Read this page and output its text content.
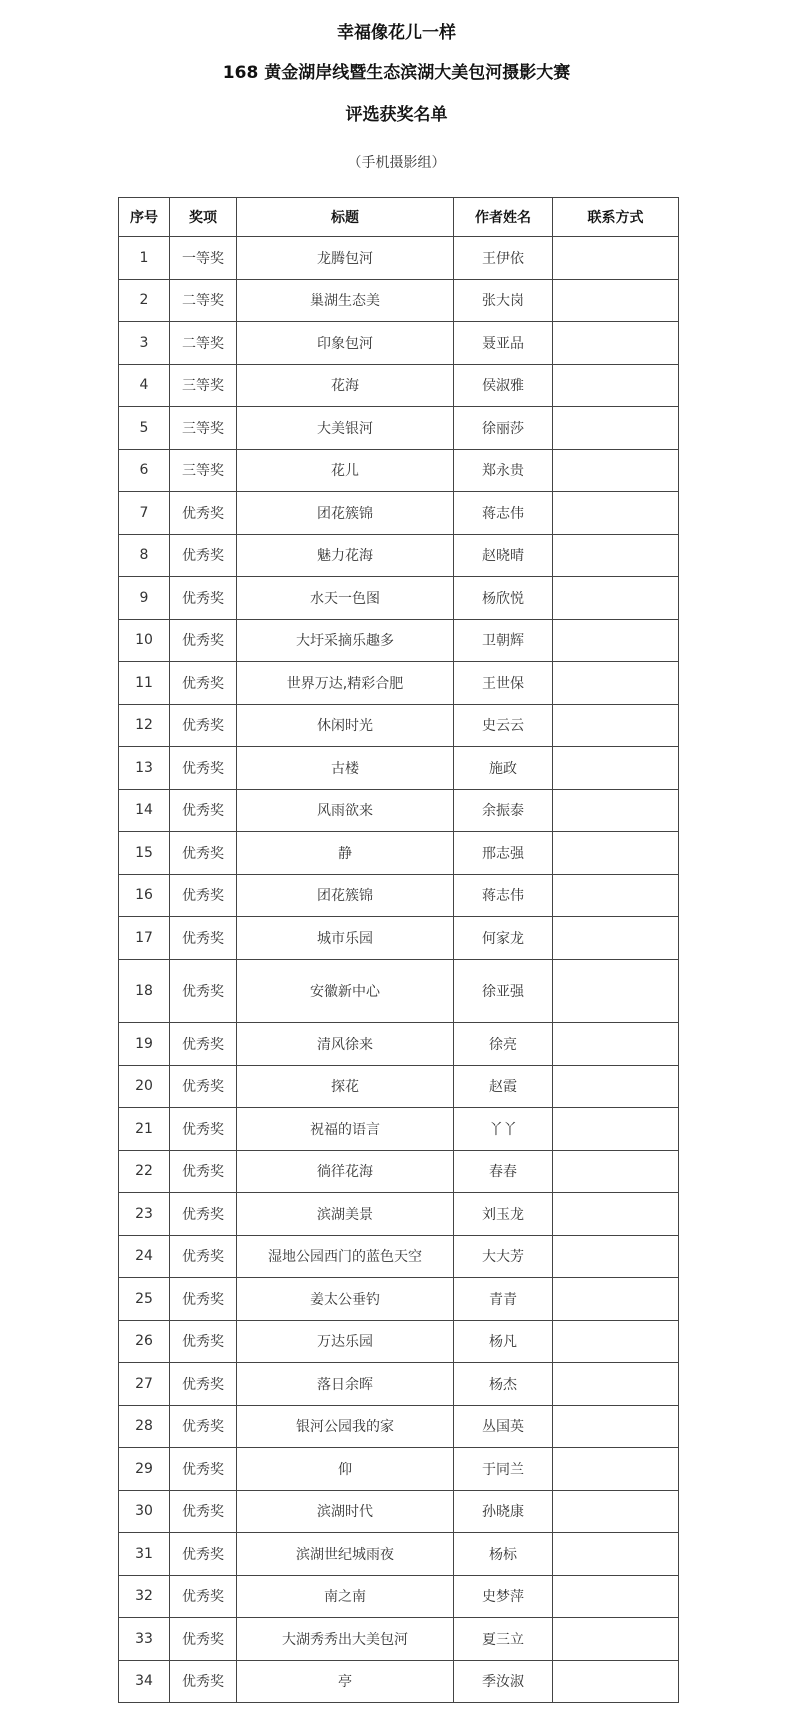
幸福像花儿一样
168 黄金湖岸线暨生态滨湖大美包河摄影大赛
评选获奖名单
（手机摄影组）
序号	奖项	标题	作者姓名	联系方式
1	一等奖	龙腾包河	王伊依	
2	二等奖	巢湖生态美	张大岗	
3	二等奖	印象包河	聂亚品	
4	三等奖	花海	侯淑雅	
5	三等奖	大美银河	徐丽莎	
6	三等奖	花儿	郑永贵	
7	优秀奖	团花簇锦	蒋志伟	
8	优秀奖	魅力花海	赵晓晴	
9	优秀奖	水天一色图	杨欣悦	
10	优秀奖	大圩采摘乐趣多	卫朝辉	
11	优秀奖	世界万达,精彩合肥	王世保	
12	优秀奖	休闲时光	史云云	
13	优秀奖	古楼	施政	
14	优秀奖	风雨欲来	余振泰	
15	优秀奖	静	邢志强	
16	优秀奖	团花簇锦	蒋志伟	
17	优秀奖	城市乐园	何家龙	
18	优秀奖	安徽新中心	徐亚强	
19	优秀奖	清风徐来	徐亮	
20	优秀奖	探花	赵霞	
21	优秀奖	祝福的语言	丫丫	
22	优秀奖	徜徉花海	春春	
23	优秀奖	滨湖美景	刘玉龙	
24	优秀奖	湿地公园西门的蓝色天空	大大芳	
25	优秀奖	姜太公垂钓	青青	
26	优秀奖	万达乐园	杨凡	
27	优秀奖	落日余晖	杨杰	
28	优秀奖	银河公园我的家	丛国英	
29	优秀奖	仰	于同兰	
30	优秀奖	滨湖时代	孙晓康	
31	优秀奖	滨湖世纪城雨夜	杨标	
32	优秀奖	南之南	史梦萍	
33	优秀奖	大湖秀秀出大美包河	夏三立	
34	优秀奖	亭	季汝淑	
